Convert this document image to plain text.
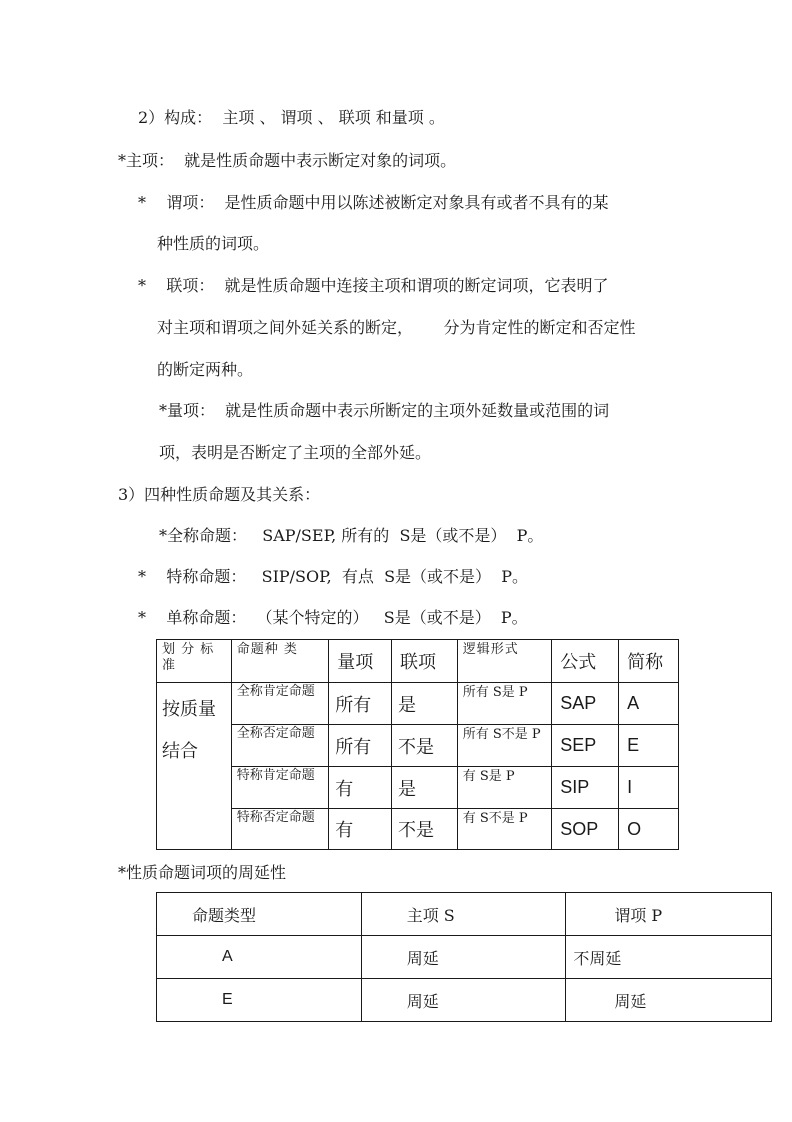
2）构成：  主项 、 谓项 、 联项 和量项 。
*主项：  就是性质命题中表示断定对象的词项。
*    谓项：  是性质命题中用以陈述被断定对象具有或者不具有的某
种性质的词项。
*    联项：  就是性质命题中连接主项和谓项的断定词项，它表明了
对主项和谓项之间外延关系的断定，      分为肯定性的断定和否定性
的断定两种。
*量项：  就是性质命题中表示所断定的主项外延数量或范围的词
项，表明是否断定了主项的全部外延。
3）四种性质命题及其关系：
*全称命题：   SAP/SEP, 所有的  S是（或不是）  P。
*    特称命题：   SIP/SOP,  有点  S是（或不是）  P。
*    单称命题：  （某个特定的）   S是（或不是）  P。
划 分 标准	命题种 类	量项	联项	逻辑形式	公式	简称
按质量结合	全称肯定命题	所有	是	所有 S是 P	SAP	A
	全称否定命题	所有	不是	所有 S不是 P	SEP	E
	特称肯定命题	有	是	有 S是 P	SIP	I
	特称否定命题	有	不是	有 S不是 P	SOP	O
*性质命题词项的周延性
命题类型	主项 S	谓项 P
A	周延	不周延
E	周延	周延
